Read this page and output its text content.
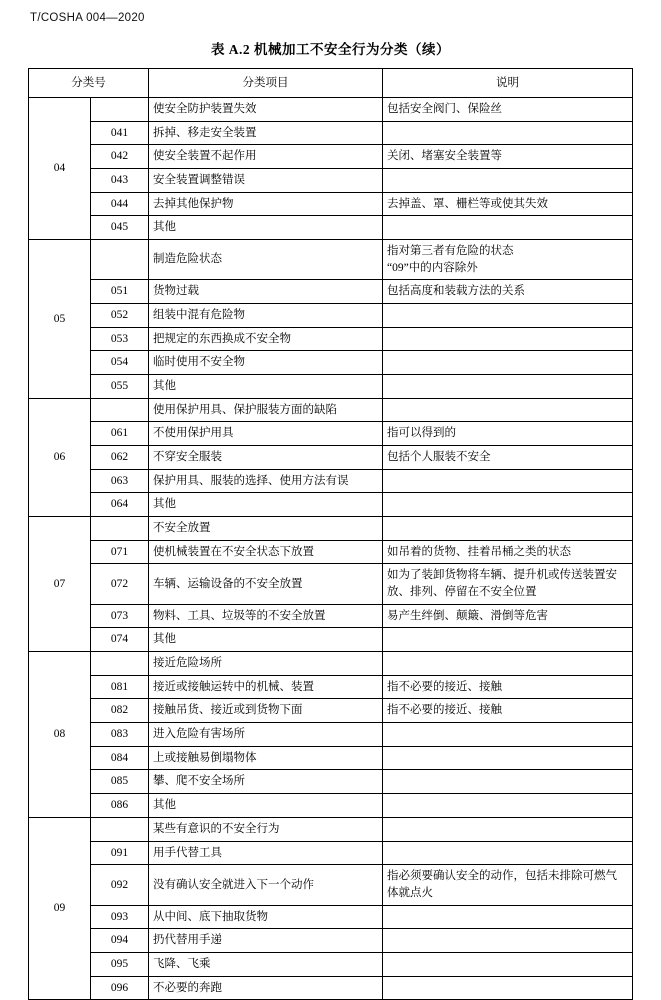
T/COSHA 004—2020
表 A.2 机械加工不安全行为分类（续）
分类号		分类项目	说明
04		使安全防护装置失效	包括安全阀门、保险丝
	041	拆掉、移走安全装置	
	042	使安全装置不起作用	关闭、堵塞安全装置等
	043	安全装置调整错误	
	044	去掉其他保护物	去掉盖、罩、栅栏等或使其失效
	045	其他	
05		制造危险状态	指对第三者有危险的状态
“09”中的内容除外
	051	货物过载	包括高度和装载方法的关系
	052	组装中混有危险物	
	053	把规定的东西换成不安全物	
	054	临时使用不安全物	
	055	其他	
06		使用保护用具、保护服装方面的缺陷	
	061	不使用保护用具	指可以得到的
	062	不穿安全服装	包括个人服装不安全
	063	保护用具、服装的选择、使用方法有误	
	064	其他	
07		不安全放置	
	071	使机械装置在不安全状态下放置	如吊着的货物、挂着吊桶之类的状态
	072	车辆、运输设备的不安全放置	如为了装卸货物将车辆、提升机或传送装置安放、排列、停留在不安全位置
	073	物料、工具、垃圾等的不安全放置	易产生绊倒、颠簸、滑倒等危害
	074	其他	
08		接近危险场所	
	081	接近或接触运转中的机械、装置	指不必要的接近、接触
	082	接触吊货、接近或到货物下面	指不必要的接近、接触
	083	进入危险有害场所	
	084	上或接触易倒塌物体	
	085	攀、爬不安全场所	
	086	其他	
09		某些有意识的不安全行为	
	091	用手代替工具	
	092	没有确认安全就进入下一个动作	指必须要确认安全的动作，包括未排除可燃气体就点火
	093	从中间、底下抽取货物	
	094	扔代替用手递	
	095	飞降、飞乘	
	096	不必要的奔跑	
